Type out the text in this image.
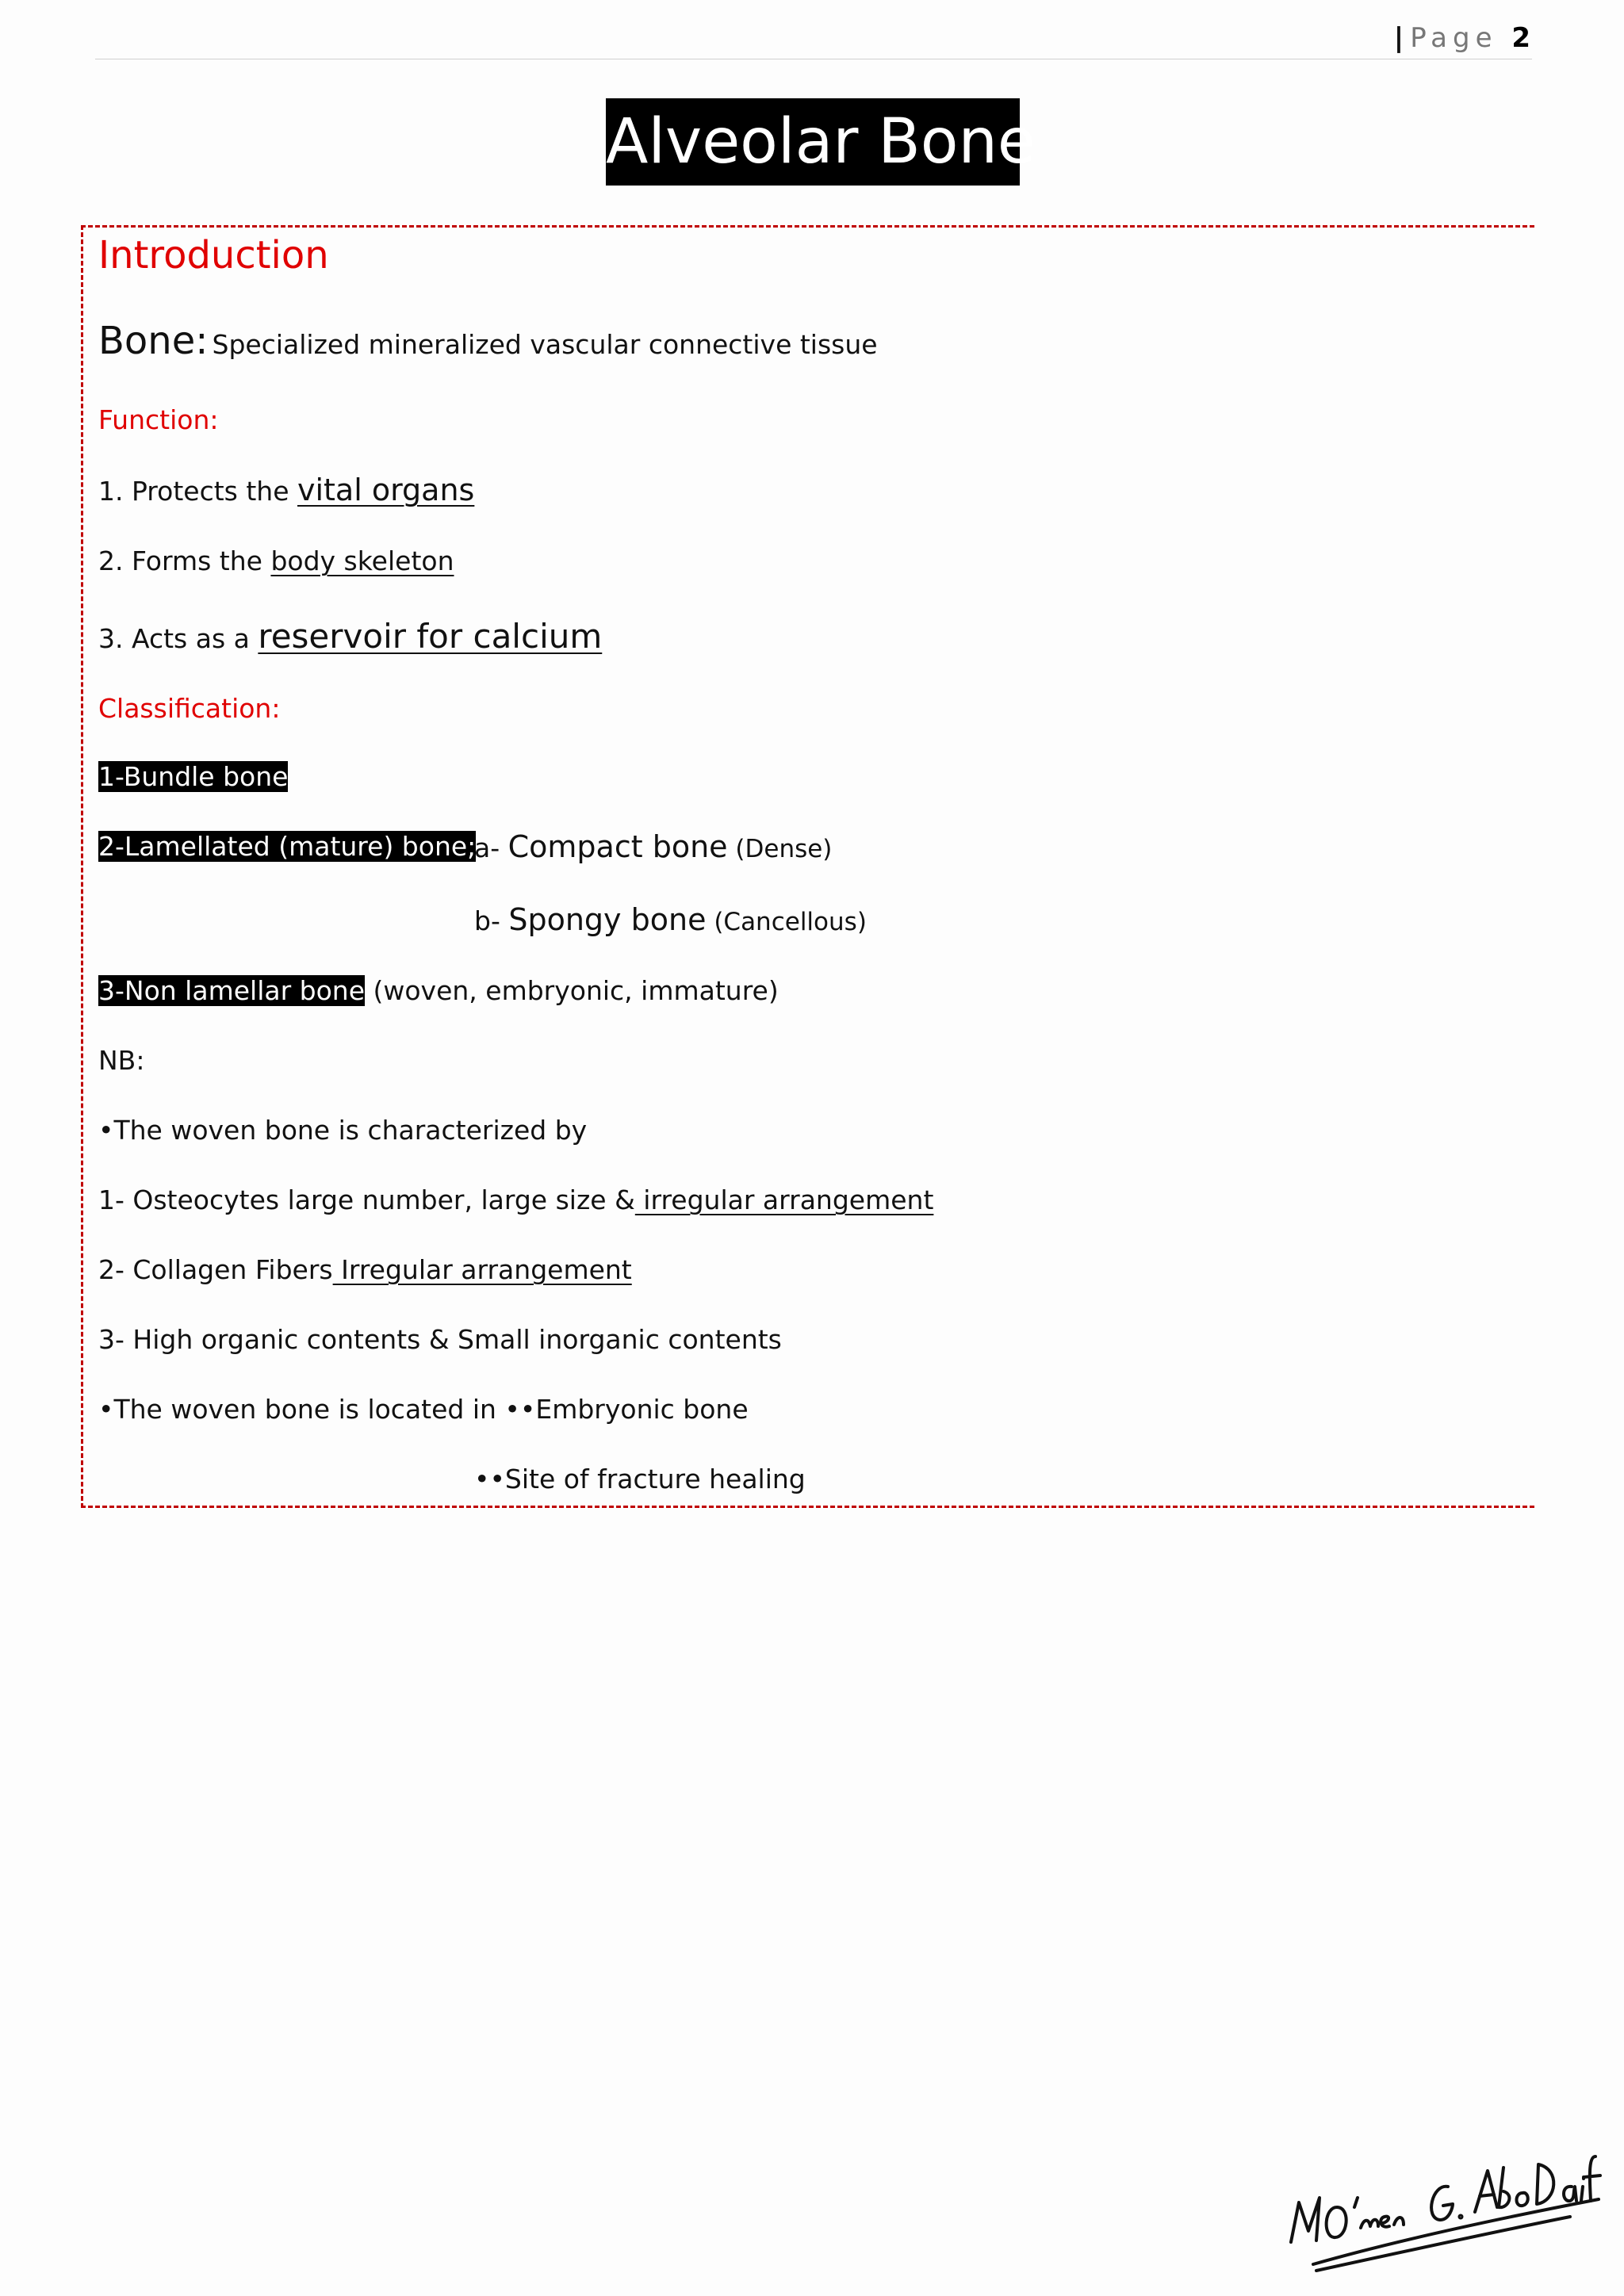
| Page 2
Alveolar Bone
Introduction
Bone: Specialized mineralized vascular connective tissue
Function:
1. Protects the vital organs
2. Forms the body skeleton
3. Acts as a reservoir for calcium
Classification:
1-Bundle bone
2-Lamellated (mature) bone;
a- Compact bone (Dense)
b- Spongy bone (Cancellous)
3-Non lamellar bone (woven, embryonic, immature)
NB:
•The woven bone is characterized by
1- Osteocytes large number, large size & irregular arrangement
2- Collagen Fibers Irregular arrangement
3- High organic contents & Small inorganic contents
•The woven bone is located in ••Embryonic bone
••Site of fracture healing
